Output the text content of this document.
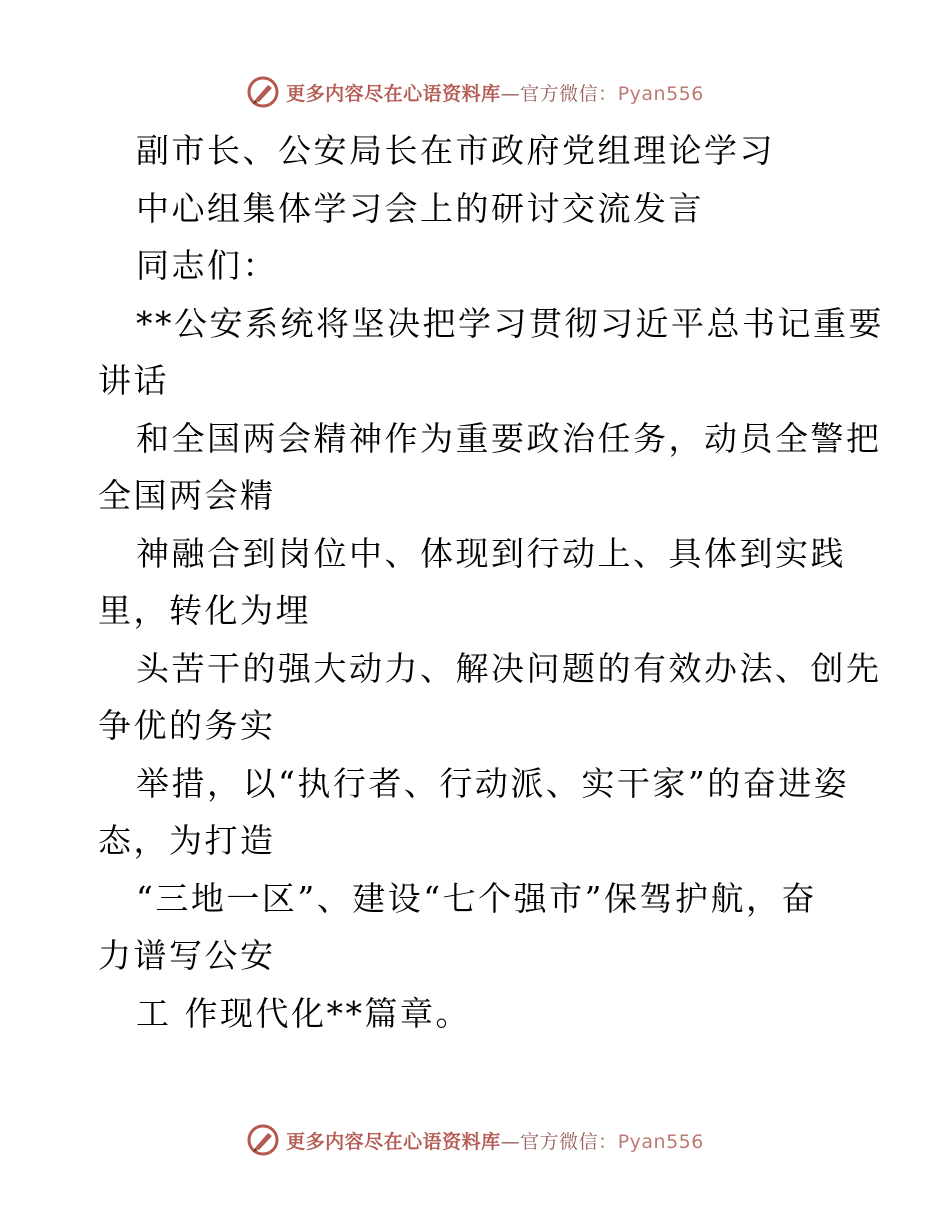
更多内容尽在心语资料库—官方微信：Pyan556
副市长、公安局长在市政府党组理论学习
中心组集体学习会上的研讨交流发言
同志们：
**公安系统将坚决把学习贯彻习近平总书记重要
讲话
和全国两会精神作为重要政治任务，动员全警把
全国两会精
神融合到岗位中、体现到行动上、具体到实践
里，转化为埋
头苦干的强大动力、解决问题的有效办法、创先
争优的务实
举措，以“执行者、行动派、实干家”的奋进姿
态，为打造
“三地一区”、建设“七个强市”保驾护航，奋
力谱写公安
工 作现代化**篇章。
更多内容尽在心语资料库—官方微信：Pyan556
